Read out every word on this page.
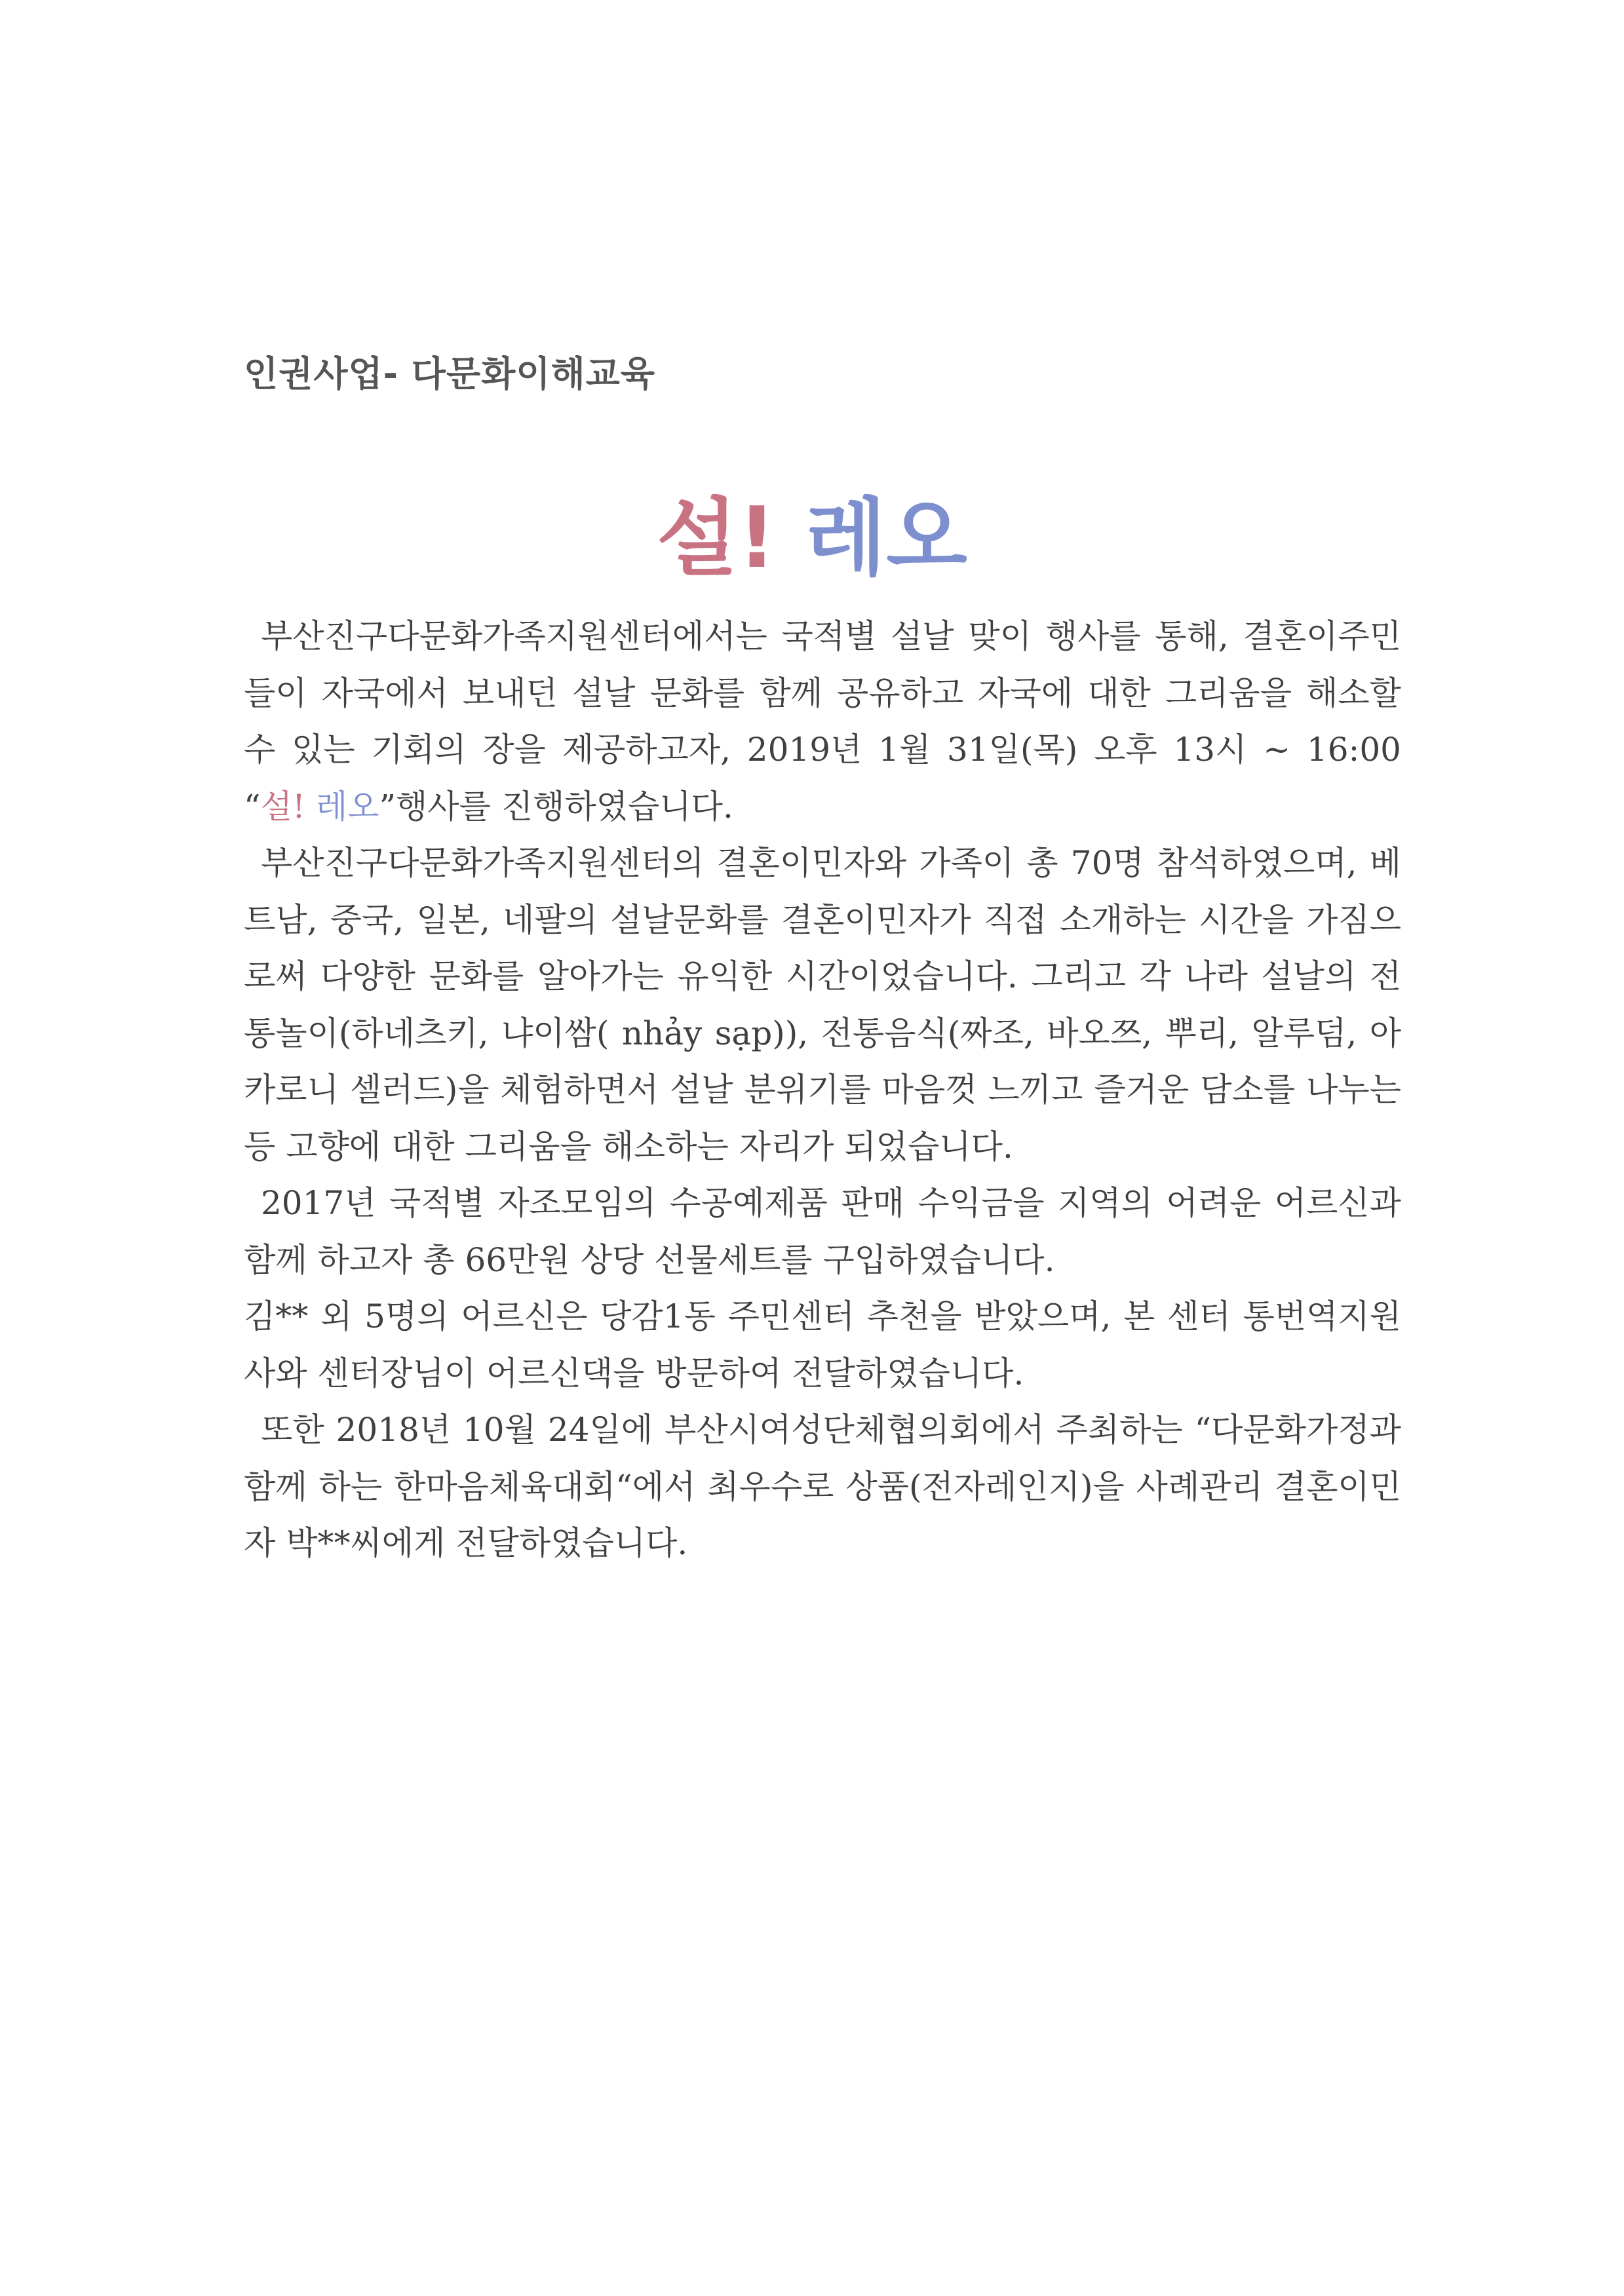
인권사업- 다문화이해교육
설! 레오

부산진구다문화가족지원센터에서는 국적별 설날 맞이 행사를 통해, 결혼이주민들이 자국에서 보내던 설날 문화를 함께 공유하고 자국에 대한 그리움을 해소할 수 있는 기회의 장을 제공하고자, 2019년 1월 31일(목) 오후 13시 ~ 16:00 “설! 레오”행사를 진행하였습니다.

부산진구다문화가족지원센터의 결혼이민자와 가족이 총 70명 참석하였으며, 베트남, 중국, 일본, 네팔의 설날문화를 결혼이민자가 직접 소개하는 시간을 가짐으로써 다양한 문화를 알아가는 유익한 시간이었습니다. 그리고 각 나라 설날의 전통놀이(하네츠키, 냐이쌈( nhảy sạp)), 전통음식(짜조, 바오쯔, 뿌리, 알루덤, 아카로니 셀러드)을 체험하면서 설날 분위기를 마음껏 느끼고 즐거운 담소를 나누는 등 고향에 대한 그리움을 해소하는 자리가 되었습니다.

2017년 국적별 자조모임의 수공예제품 판매 수익금을 지역의 어려운 어르신과 함께 하고자 총 66만원 상당 선물세트를 구입하였습니다.

김** 외 5명의 어르신은 당감1동 주민센터 추천을 받았으며, 본 센터 통번역지원사와 센터장님이 어르신댁을 방문하여 전달하였습니다.

또한 2018년 10월 24일에 부산시여성단체협의회에서 주최하는 “다문화가정과 함께 하는 한마음체육대회“에서 최우수로 상품(전자레인지)을 사례관리 결혼이민자 박**씨에게 전달하였습니다.
